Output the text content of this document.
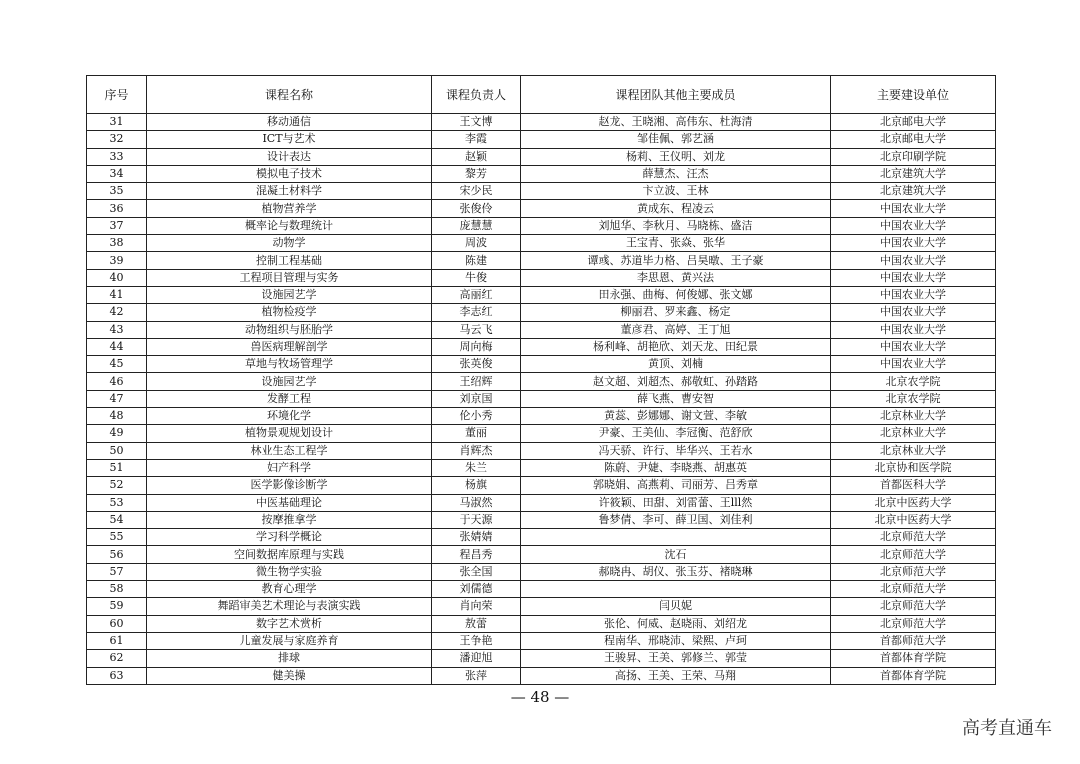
序号	课程名称	课程负责人	课程团队其他主要成员	主要建设单位
31	移动通信	王文博	赵龙、王晓湘、高伟东、杜海清	北京邮电大学
32	ICT与艺术	李霞	邹佳佩、郭艺涵	北京邮电大学
33	设计表达	赵颖	杨莉、王仪明、刘龙	北京印刷学院
34	模拟电子技术	黎芳	薛慧杰、汪杰	北京建筑大学
35	混凝土材料学	宋少民	卞立波、王林	北京建筑大学
36	植物营养学	张俊伶	黄成东、程凌云	中国农业大学
37	概率论与数理统计	庞慧慧	刘旭华、李秋月、马晓栋、盛洁	中国农业大学
38	动物学	周波	王宝青、张焱、张华	中国农业大学
39	控制工程基础	陈建	谭彧、苏道毕力格、吕昊暾、王子豪	中国农业大学
40	工程项目管理与实务	牛俊	李思恩、黄兴法	中国农业大学
41	设施园艺学	高丽红	田永强、曲梅、何俊娜、张文娜	中国农业大学
42	植物检疫学	李志红	柳丽君、罗来鑫、杨定	中国农业大学
43	动物组织与胚胎学	马云飞	董彦君、高婷、王丁旭	中国农业大学
44	兽医病理解剖学	周向梅	杨利峰、胡艳欣、刘天龙、田纪景	中国农业大学
45	草地与牧场管理学	张英俊	黄顶、刘楠	中国农业大学
46	设施园艺学	王绍辉	赵文超、刘超杰、郝敬虹、孙踏路	北京农学院
47	发酵工程	刘京国	薛飞燕、曹安智	北京农学院
48	环境化学	伦小秀	黄蕊、彭娜娜、谢文萱、李敏	北京林业大学
49	植物景观规划设计	董丽	尹豪、王美仙、李冠衡、范舒欣	北京林业大学
50	林业生态工程学	肖辉杰	冯天骄、许行、毕华兴、王若水	北京林业大学
51	妇产科学	朱兰	陈蔚、尹婕、李晓燕、胡惠英	北京协和医学院
52	医学影像诊断学	杨旗	郭晓娟、高燕莉、司丽芳、吕秀章	首都医科大学
53	中医基础理论	马淑然	许筱颖、田甜、刘雷蕾、王lll然	北京中医药大学
54	按摩推拿学	于天源	鲁梦倩、李可、薛卫国、刘佳利	北京中医药大学
55	学习科学概论	张婧婧		北京师范大学
56	空间数据库原理与实践	程昌秀	沈石	北京师范大学
57	微生物学实验	张全国	郝晓冉、胡仪、张玉芬、褚晓琳	北京师范大学
58	教育心理学	刘儒德		北京师范大学
59	舞蹈审美艺术理论与表演实践	肖向荣	闫贝妮	北京师范大学
60	数字艺术赏析	敖蕾	张伦、何威、赵晓雨、刘绍龙	北京师范大学
61	儿童发展与家庭养育	王争艳	程南华、邢晓沛、梁熙、卢珂	首都师范大学
62	排球	潘迎旭	王骏昇、王美、郭修兰、郭莹	首都体育学院
63	健美操	张萍	高扬、王美、王荣、马翔	首都体育学院
— 48 —
高考直通车
